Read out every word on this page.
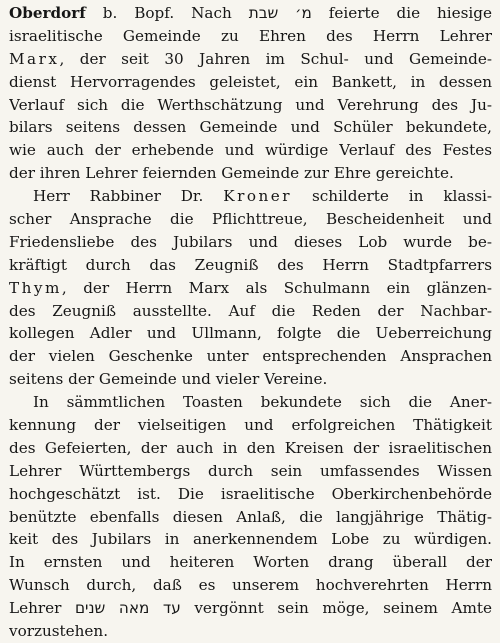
Oberdorf b. Bopf. Nach מ׳ שבת feierte die hiesige
israelitische Gemeinde zu Ehren des Herrn Lehrer
Marx, der seit 30 Jahren im Schul- und Gemeinde-
dienst Hervorragendes geleistet, ein Bankett, in dessen
Verlauf sich die Werthschätzung und Verehrung des Ju-
bilars seitens dessen Gemeinde und Schüler bekundete,
wie auch der erhebende und würdige Verlauf des Festes
der ihren Lehrer feiernden Gemeinde zur Ehre gereichte.
Herr Rabbiner Dr. Kroner schilderte in klassi-
scher Ansprache die Pflichttreue, Bescheidenheit und
Friedensliebe des Jubilars und dieses Lob wurde be-
kräftigt durch das Zeugniß des Herrn Stadtpfarrers
Thym, der Herrn Marx als Schulmann ein glänzen-
des Zeugniß ausstellte. Auf die Reden der Nachbar-
kollegen Adler und Ullmann, folgte die Ueberreichung
der vielen Geschenke unter entsprechenden Ansprachen
seitens der Gemeinde und vieler Vereine.
In sämmtlichen Toasten bekundete sich die Aner-
kennung der vielseitigen und erfolgreichen Thätigkeit
des Gefeierten, der auch in den Kreisen der israelitischen
Lehrer Württembergs durch sein umfassendes Wissen
hochgeschätzt ist. Die israelitische Oberkirchenbehörde
benützte ebenfalls diesen Anlaß, die langjährige Thätig-
keit des Jubilars in anerkennendem Lobe zu würdigen.
In ernsten und heiteren Worten drang überall der
Wunsch durch, daß es unserem hochverehrten Herrn
Lehrer עד מאה שנים vergönnt sein möge, seinem Amte
vorzustehen.
